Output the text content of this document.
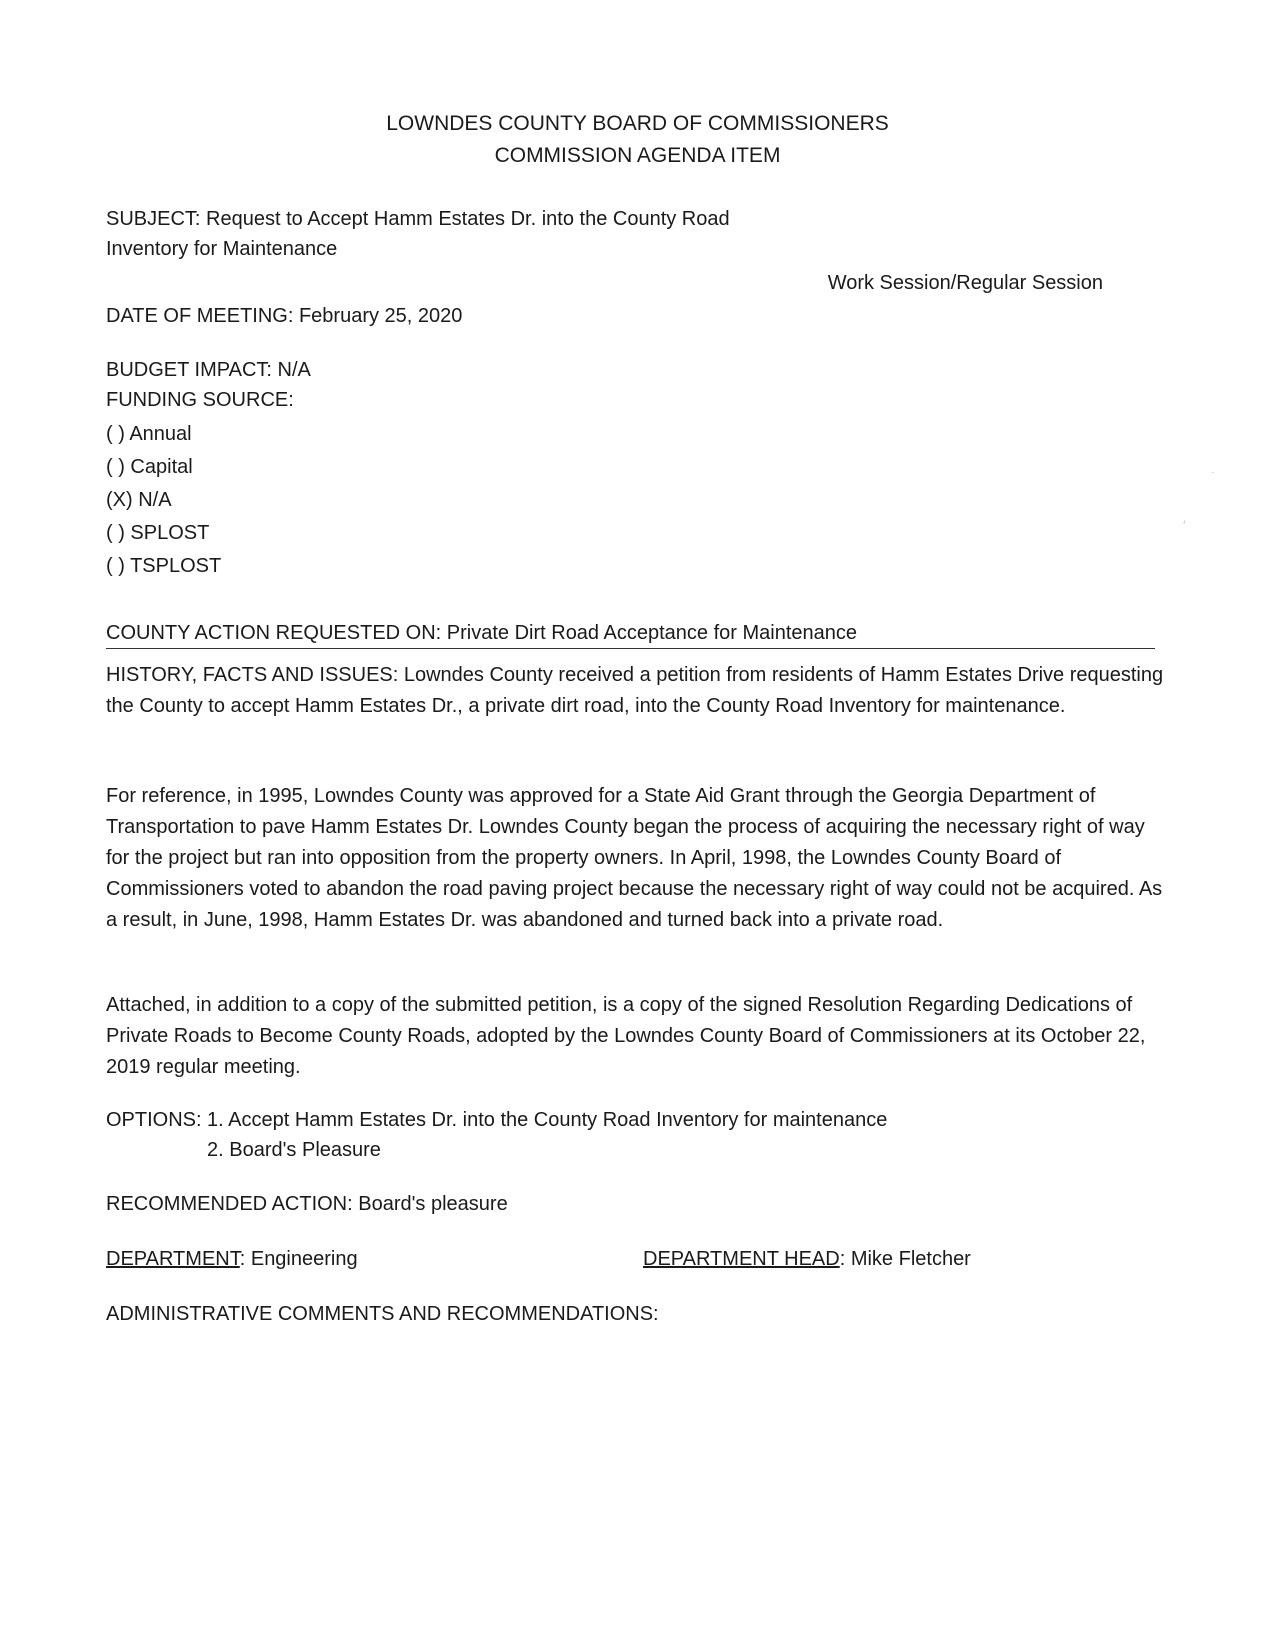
LOWNDES COUNTY BOARD OF COMMISSIONERS
COMMISSION AGENDA ITEM
SUBJECT: Request to Accept Hamm Estates Dr. into the County Road
Inventory for Maintenance
Work Session/Regular Session
DATE OF MEETING: February 25, 2020
BUDGET IMPACT: N/A
FUNDING SOURCE:
( ) Annual
( ) Capital
(X) N/A
( ) SPLOST
( ) TSPLOST
COUNTY ACTION REQUESTED ON: Private Dirt Road Acceptance for Maintenance
HISTORY, FACTS AND ISSUES: Lowndes County received a petition from residents of Hamm Estates Drive requesting the County to accept Hamm Estates Dr., a private dirt road, into the County Road Inventory for maintenance.
For reference, in 1995, Lowndes County was approved for a State Aid Grant through the Georgia Department of Transportation to pave Hamm Estates Dr. Lowndes County began the process of acquiring the necessary right of way for the project but ran into opposition from the property owners. In April, 1998, the Lowndes County Board of Commissioners voted to abandon the road paving project because the necessary right of way could not be acquired. As a result, in June, 1998, Hamm Estates Dr. was abandoned and turned back into a private road.
Attached, in addition to a copy of the submitted petition, is a copy of the signed Resolution Regarding Dedications of Private Roads to Become County Roads, adopted by the Lowndes County Board of Commissioners at its October 22, 2019 regular meeting.
OPTIONS: 1. Accept Hamm Estates Dr. into the County Road Inventory for maintenance
2. Board's Pleasure
RECOMMENDED ACTION: Board's pleasure
DEPARTMENT: Engineering	DEPARTMENT HEAD: Mike Fletcher
ADMINISTRATIVE COMMENTS AND RECOMMENDATIONS:
˙
′
